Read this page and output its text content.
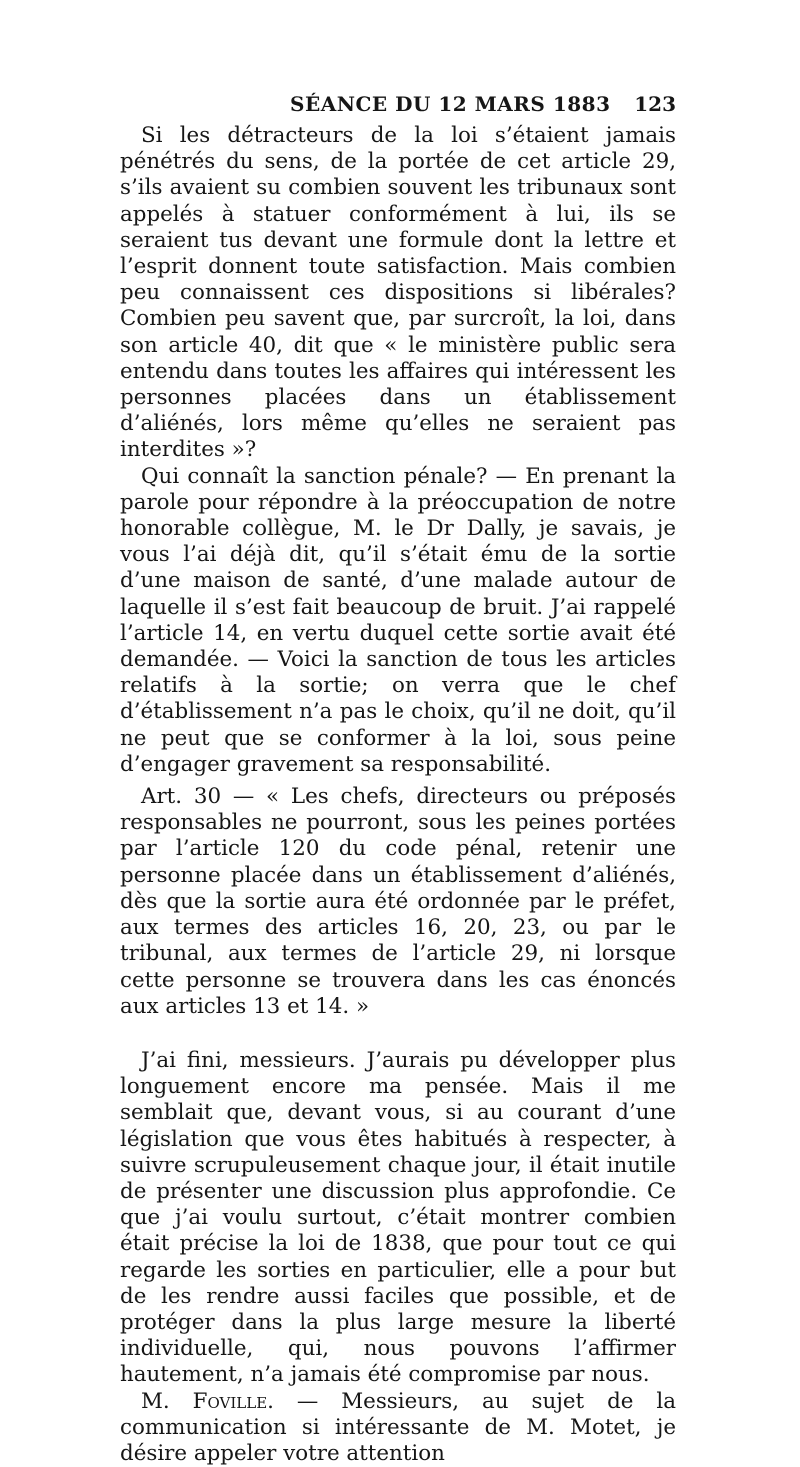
SÉANCE DU 12 MARS 1883 123

Si les détracteurs de la loi s’étaient jamais pénétrés du sens, de la portée de cet article 29, s’ils avaient su combien souvent les tribunaux sont appelés à statuer conformément à lui, ils se seraient tus devant une formule dont la lettre et l’esprit donnent toute satisfaction. Mais combien peu connaissent ces dispositions si libérales? Combien peu savent que, par surcroît, la loi, dans son article 40, dit que « le ministère public sera entendu dans toutes les affaires qui intéressent les personnes placées dans un établissement d’aliénés, lors même qu’elles ne seraient pas interdites »?

Qui connaît la sanction pénale? — En prenant la parole pour répondre à la préoccupation de notre honorable collègue, M. le Dr Dally, je savais, je vous l’ai déjà dit, qu’il s’était ému de la sortie d’une maison de santé, d’une malade autour de laquelle il s’est fait beaucoup de bruit. J’ai rappelé l’article 14, en vertu duquel cette sortie avait été demandée. — Voici la sanction de tous les articles relatifs à la sortie; on verra que le chef d’établissement n’a pas le choix, qu’il ne doit, qu’il ne peut que se conformer à la loi, sous peine d’engager gravement sa responsabilité.

Art. 30 — « Les chefs, directeurs ou préposés responsables ne pourront, sous les peines portées par l’article 120 du code pénal, retenir une personne placée dans un établissement d’aliénés, dès que la sortie aura été ordonnée par le préfet, aux termes des articles 16, 20, 23, ou par le tribunal, aux termes de l’article 29, ni lorsque cette personne se trouvera dans les cas énoncés aux articles 13 et 14. »

J’ai fini, messieurs. J’aurais pu développer plus longuement encore ma pensée. Mais il me semblait que, devant vous, si au courant d’une législation que vous êtes habitués à respecter, à suivre scrupuleusement chaque jour, il était inutile de présenter une discussion plus approfondie. Ce que j’ai voulu surtout, c’était montrer combien était précise la loi de 1838, que pour tout ce qui regarde les sorties en particulier, elle a pour but de les rendre aussi faciles que possible, et de protéger dans la plus large mesure la liberté individuelle, qui, nous pouvons l’affirmer hautement, n’a jamais été compromise par nous.

M. Foville. — Messieurs, au sujet de la communication si intéressante de M. Motet, je désire appeler votre attention
